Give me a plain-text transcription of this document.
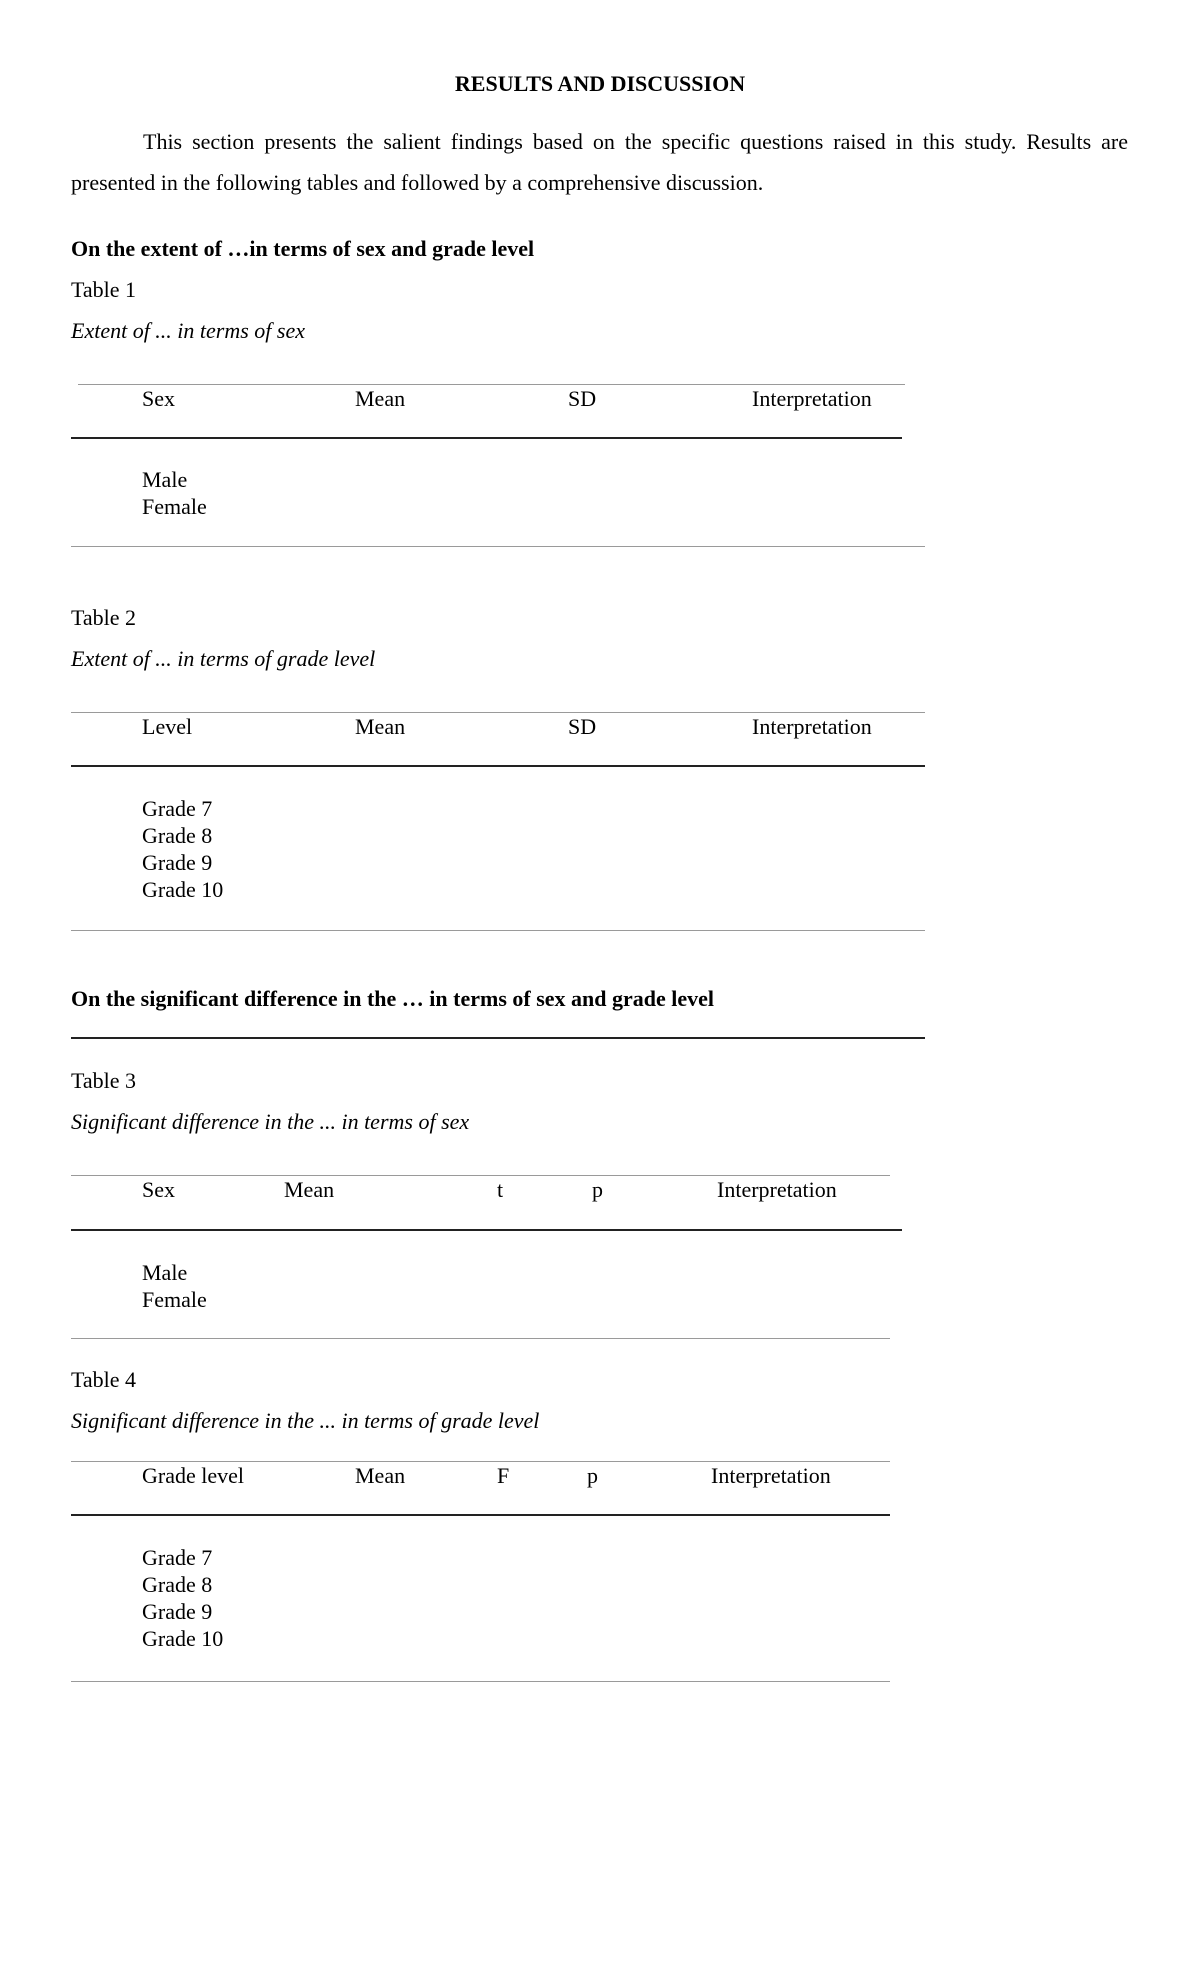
RESULTS AND DISCUSSION
This section presents the salient findings based on the specific questions raised in this study. Results are presented in the following tables and followed by a comprehensive discussion.
On the extent of …in terms of sex and grade level
Table 1
Extent of ... in terms of sex
Sex	Mean	SD	Interpretation
Male
Female
Table 2
Extent of ... in terms of grade level
Level	Mean	SD	Interpretation
Grade 7
Grade 8
Grade 9
Grade 10
On the significant difference in the … in terms of sex and grade level
Table 3
Significant difference in the ... in terms of sex
Sex	Mean	t	p	Interpretation
Male
Female
Table 4
Significant difference in the ... in terms of grade level
Grade level	Mean	F	p	Interpretation
Grade 7
Grade 8
Grade 9
Grade 10
